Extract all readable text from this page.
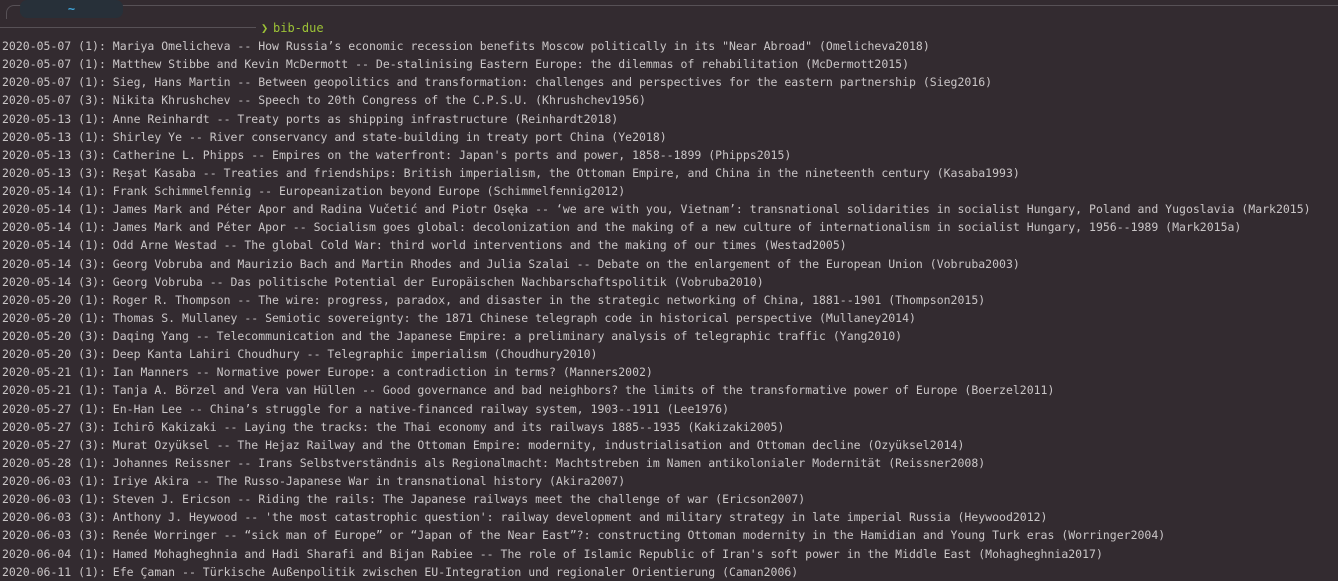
~
❯ bib-due
2020-05-07 (1): Mariya Omelicheva -- How Russia’s economic recession benefits Moscow politically in its "Near Abroad" (Omelicheva2018)
2020-05-07 (1): Matthew Stibbe and Kevin McDermott -- De-stalinising Eastern Europe: the dilemmas of rehabilitation (McDermott2015)
2020-05-07 (1): Sieg, Hans Martin -- Between geopolitics and transformation: challenges and perspectives for the eastern partnership (Sieg2016)
2020-05-07 (3): Nikita Khrushchev -- Speech to 20th Congress of the C.P.S.U. (Khrushchev1956)
2020-05-13 (1): Anne Reinhardt -- Treaty ports as shipping infrastructure (Reinhardt2018)
2020-05-13 (1): Shirley Ye -- River conservancy and state-building in treaty port China (Ye2018)
2020-05-13 (3): Catherine L. Phipps -- Empires on the waterfront: Japan's ports and power, 1858--1899 (Phipps2015)
2020-05-13 (3): Reşat Kasaba -- Treaties and friendships: British imperialism, the Ottoman Empire, and China in the nineteenth century (Kasaba1993)
2020-05-14 (1): Frank Schimmelfennig -- Europeanization beyond Europe (Schimmelfennig2012)
2020-05-14 (1): James Mark and Péter Apor and Radina Vučetić and Piotr Osęka -- ‘we are with you, Vietnam’: transnational solidarities in socialist Hungary, Poland and Yugoslavia (Mark2015)
2020-05-14 (1): James Mark and Péter Apor -- Socialism goes global: decolonization and the making of a new culture of internationalism in socialist Hungary, 1956--1989 (Mark2015a)
2020-05-14 (1): Odd Arne Westad -- The global Cold War: third world interventions and the making of our times (Westad2005)
2020-05-14 (3): Georg Vobruba and Maurizio Bach and Martin Rhodes and Julia Szalai -- Debate on the enlargement of the European Union (Vobruba2003)
2020-05-14 (3): Georg Vobruba -- Das politische Potential der Europäischen Nachbarschaftspolitik (Vobruba2010)
2020-05-20 (1): Roger R. Thompson -- The wire: progress, paradox, and disaster in the strategic networking of China, 1881--1901 (Thompson2015)
2020-05-20 (1): Thomas S. Mullaney -- Semiotic sovereignty: the 1871 Chinese telegraph code in historical perspective (Mullaney2014)
2020-05-20 (3): Daqing Yang -- Telecommunication and the Japanese Empire: a preliminary analysis of telegraphic traffic (Yang2010)
2020-05-20 (3): Deep Kanta Lahiri Choudhury -- Telegraphic imperialism (Choudhury2010)
2020-05-21 (1): Ian Manners -- Normative power Europe: a contradiction in terms? (Manners2002)
2020-05-21 (1): Tanja A. Börzel and Vera van Hüllen -- Good governance and bad neighbors? the limits of the transformative power of Europe (Boerzel2011)
2020-05-27 (1): En-Han Lee -- China’s struggle for a native-financed railway system, 1903--1911 (Lee1976)
2020-05-27 (3): Ichirō Kakizaki -- Laying the tracks: the Thai economy and its railways 1885--1935 (Kakizaki2005)
2020-05-27 (3): Murat Ozyüksel -- The Hejaz Railway and the Ottoman Empire: modernity, industrialisation and Ottoman decline (Ozyüksel2014)
2020-05-28 (1): Johannes Reissner -- Irans Selbstverständnis als Regionalmacht: Machtstreben im Namen antikolonialer Modernität (Reissner2008)
2020-06-03 (1): Iriye Akira -- The Russo-Japanese War in transnational history (Akira2007)
2020-06-03 (1): Steven J. Ericson -- Riding the rails: The Japanese railways meet the challenge of war (Ericson2007)
2020-06-03 (3): Anthony J. Heywood -- 'the most catastrophic question': railway development and military strategy in late imperial Russia (Heywood2012)
2020-06-03 (3): Renée Worringer -- “sick man of Europe” or “Japan of the Near East”?: constructing Ottoman modernity in the Hamidian and Young Turk eras (Worringer2004)
2020-06-04 (1): Hamed Mohagheghnia and Hadi Sharafi and Bijan Rabiee -- The role of Islamic Republic of Iran's soft power in the Middle East (Mohagheghnia2017)
2020-06-11 (1): Efe Çaman -- Türkische Außenpolitik zwischen EU-Integration und regionaler Orientierung (Caman2006)
